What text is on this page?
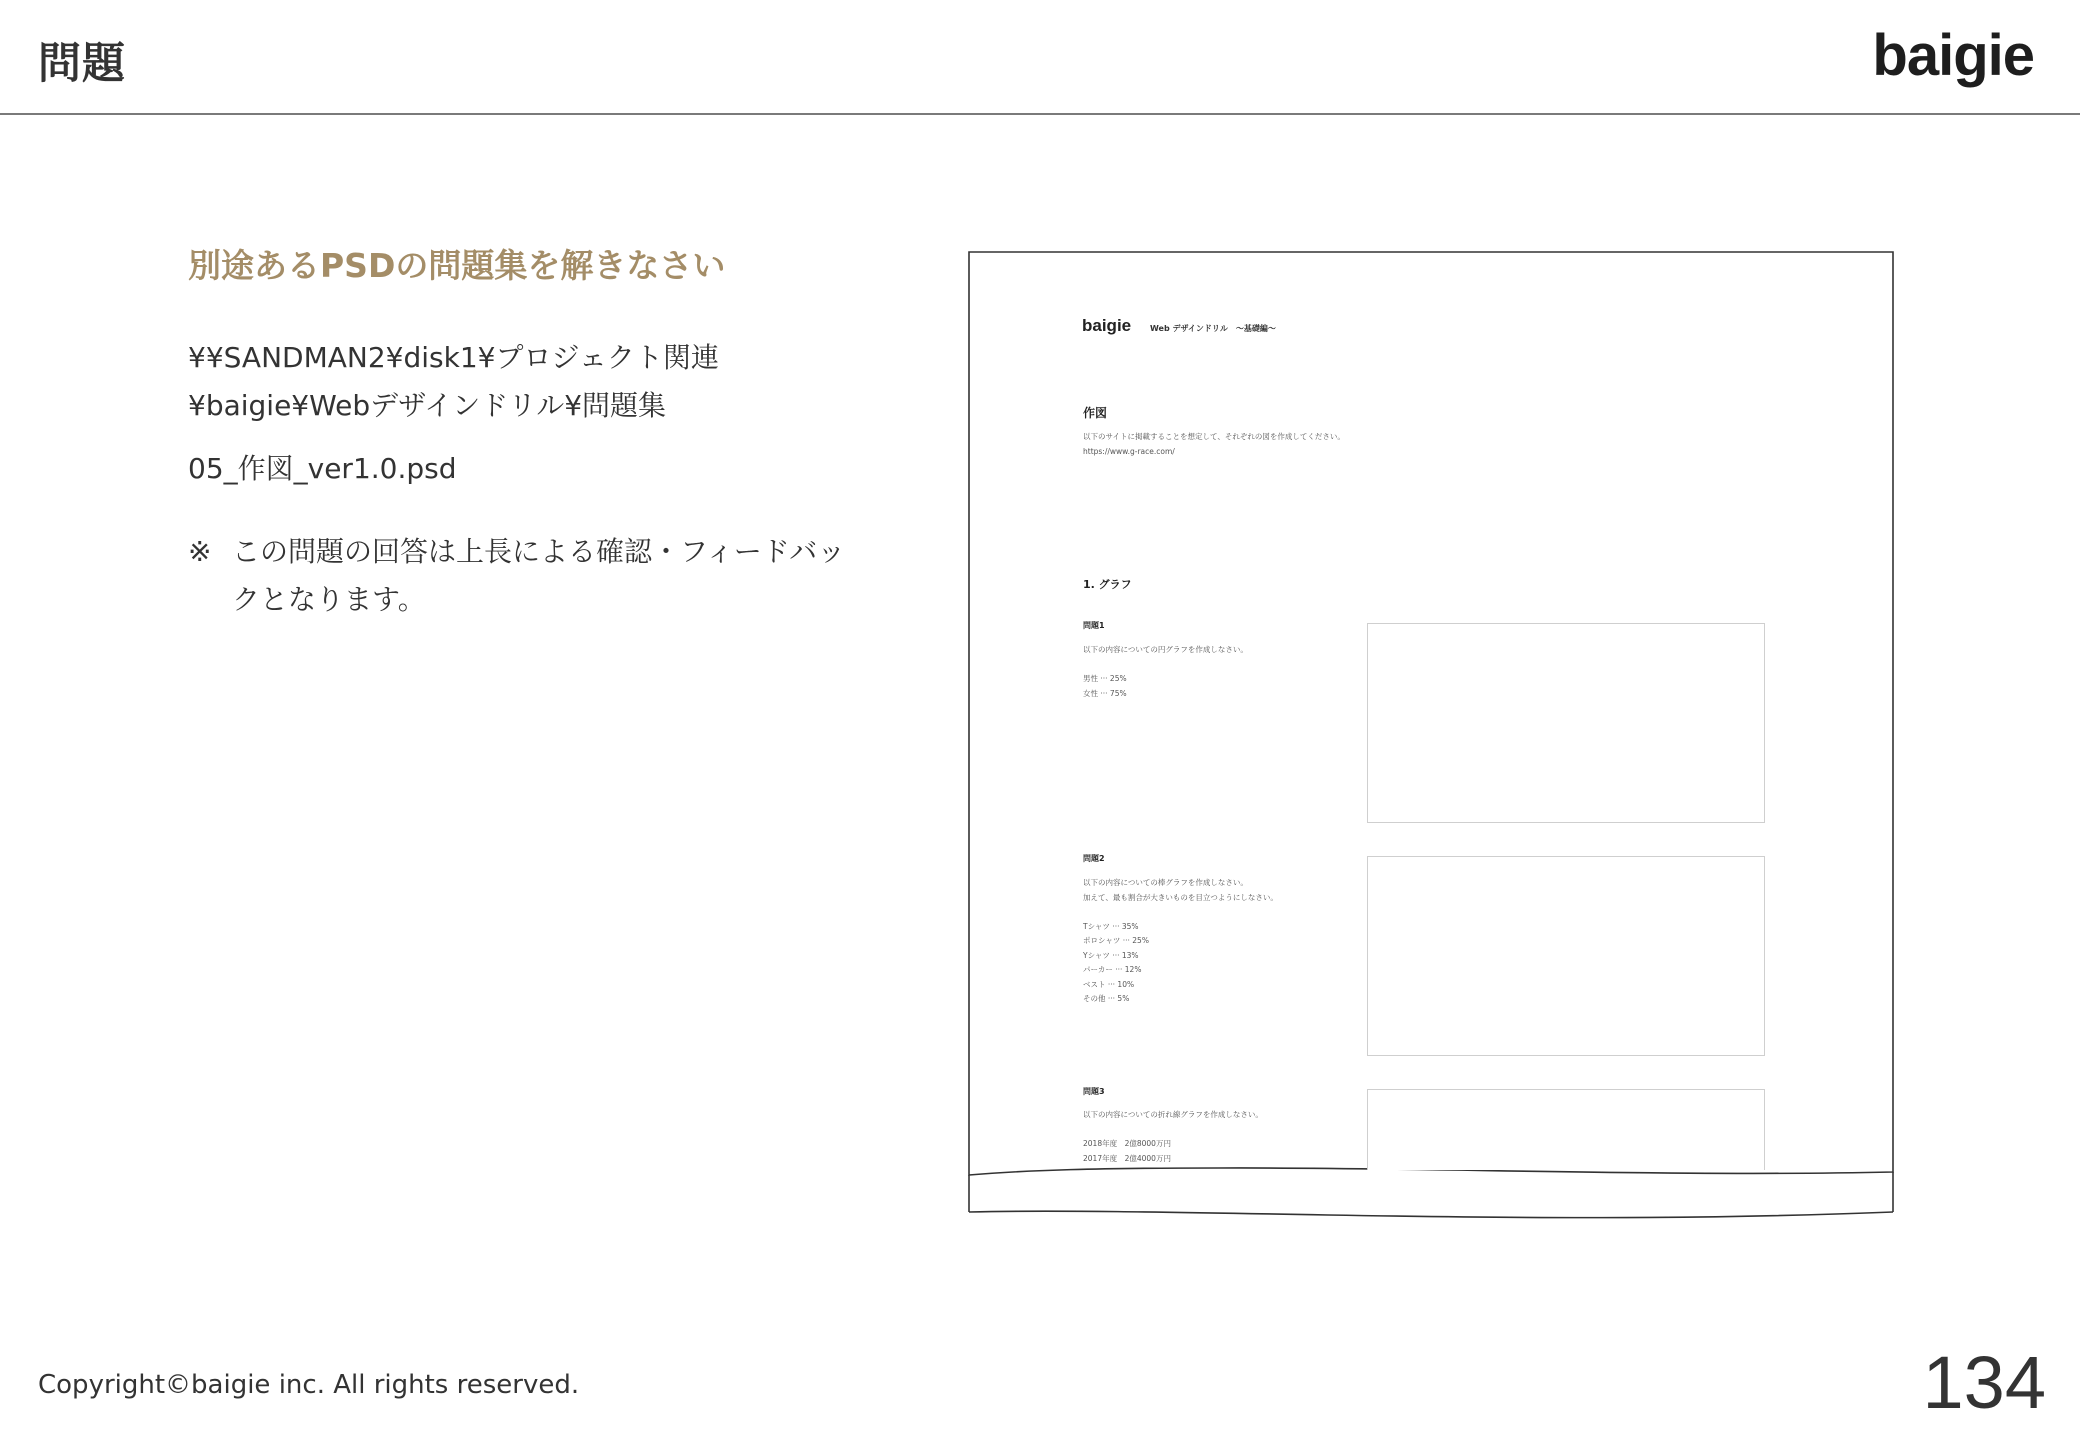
問題	baigie
別途あるPSDの問題集を解きなさい
¥¥SANDMAN2¥disk1¥プロジェクト関連
¥baigie¥Webデザインドリル¥問題集
05_作図_ver1.0.psd
※ この問題の回答は上長による確認・フィードバックとなります。
baigie Web デザインドリル　〜基礎編〜
作図
以下のサイトに掲載することを想定して、それぞれの図を作成してください。
https://www.g-race.com/
1. グラフ
問題1
以下の内容についての円グラフを作成しなさい。

男性 ··· 25%
女性 ··· 75%
問題2
以下の内容についての棒グラフを作成しなさい。
加えて、最も割合が大きいものを目立つようにしなさい。

Tシャツ ··· 35%
ポロシャツ ··· 25%
Yシャツ ··· 13%
パーカー ··· 12%
ベスト ··· 10%
その他 ··· 5%
問題3
以下の内容についての折れ線グラフを作成しなさい。

2018年度　2億8000万円
2017年度　2億4000万円
Copyright©baigie inc. All rights reserved.	134
